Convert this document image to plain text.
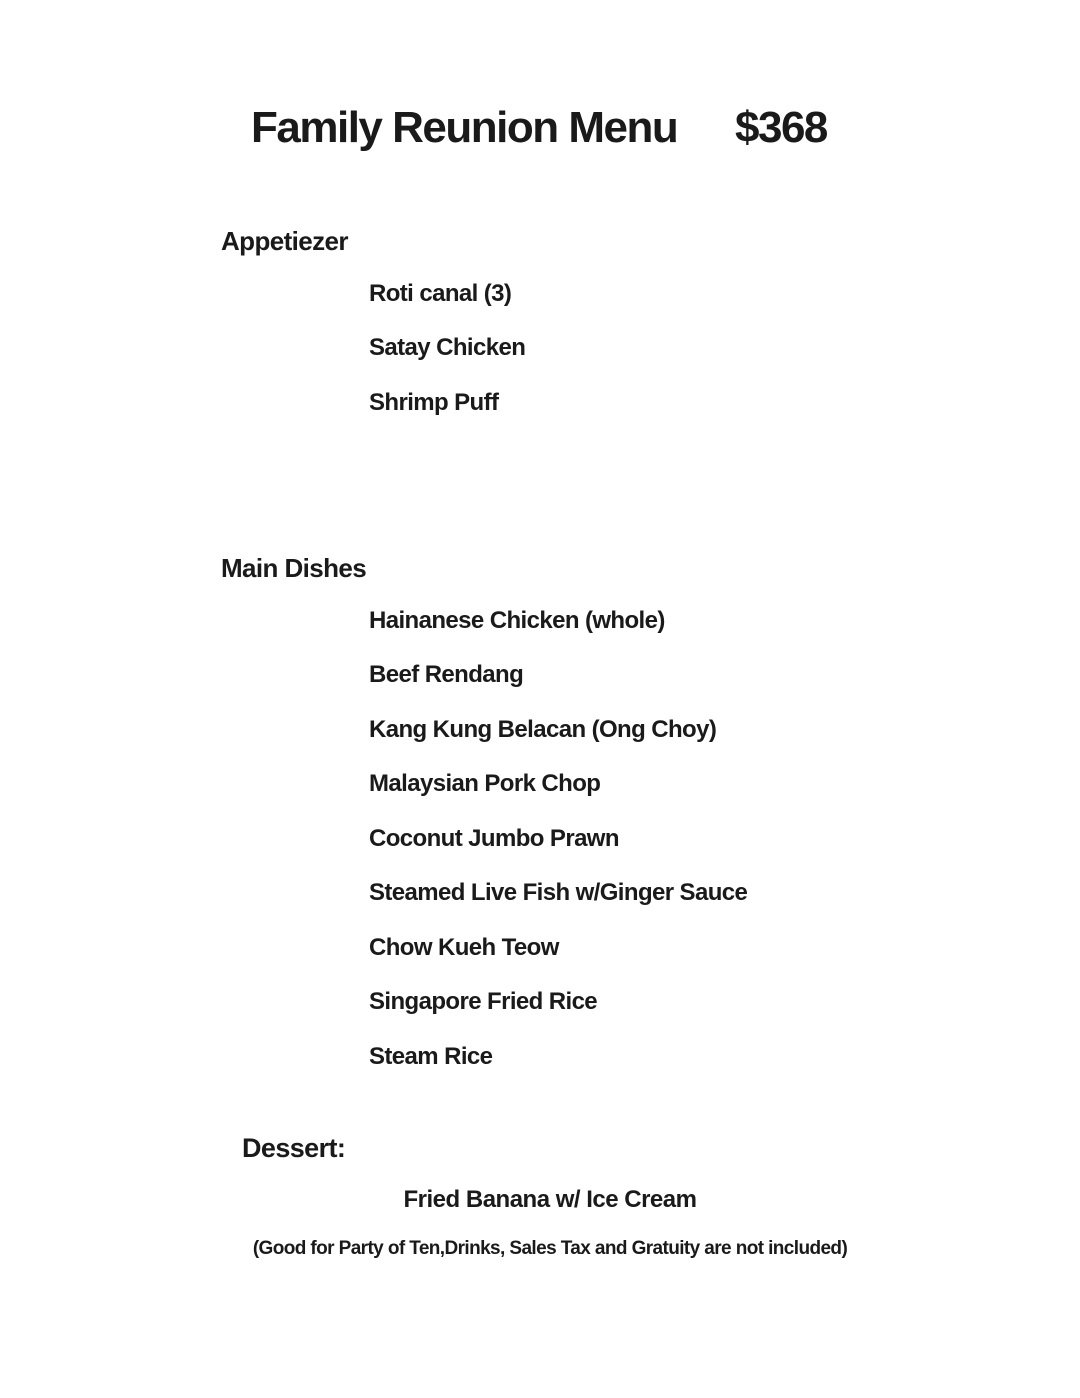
Family Reunion Menu $368
Appetiezer
Roti canal (3)
Satay Chicken
Shrimp Puff
Main Dishes
Hainanese Chicken (whole)
Beef Rendang
Kang Kung Belacan (Ong Choy)
Malaysian Pork Chop
Coconut Jumbo Prawn
Steamed Live Fish w/Ginger Sauce
Chow Kueh Teow
Singapore Fried Rice
Steam Rice
Dessert:
Fried Banana w/ Ice Cream
(Good for Party of Ten,Drinks, Sales Tax and Gratuity are not included)
